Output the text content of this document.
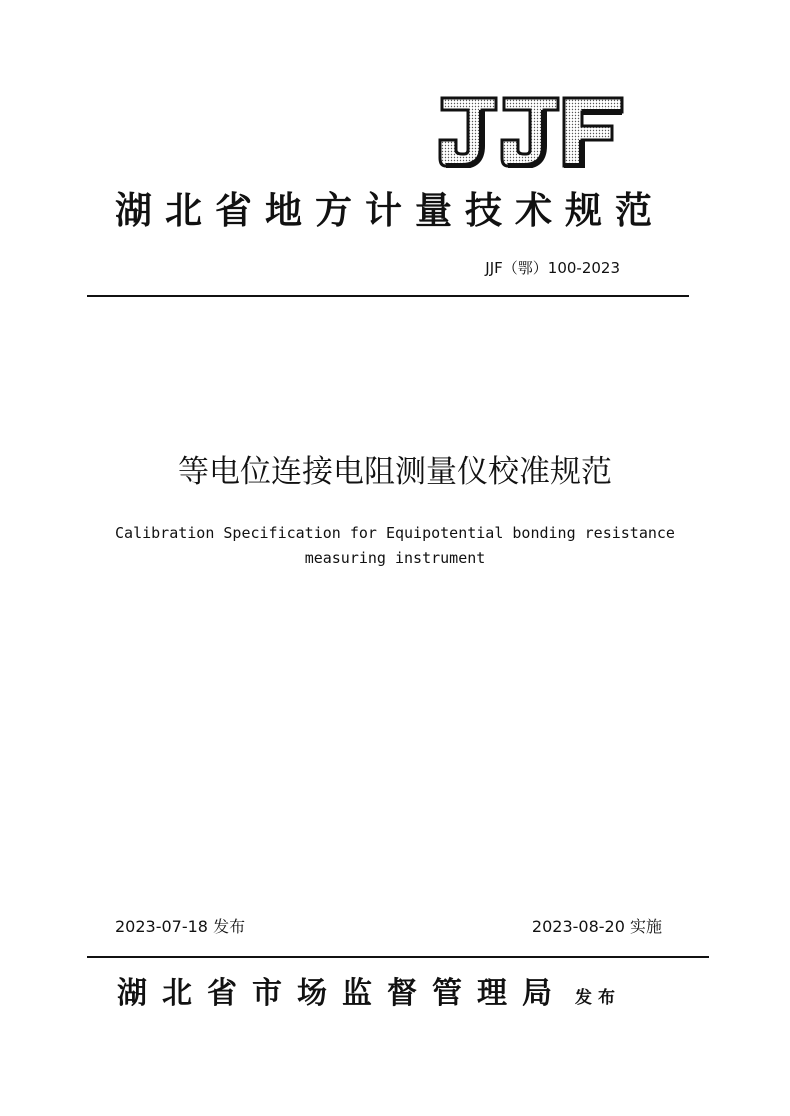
湖北省地方计量技术规范
JJF（鄂）100-2023
等电位连接电阻测量仪校准规范
Calibration Specification for Equipotential bonding resistance
measuring instrument
2023-07-18 发布	2023-08-20 实施
湖北省市场监督管理局 发布
